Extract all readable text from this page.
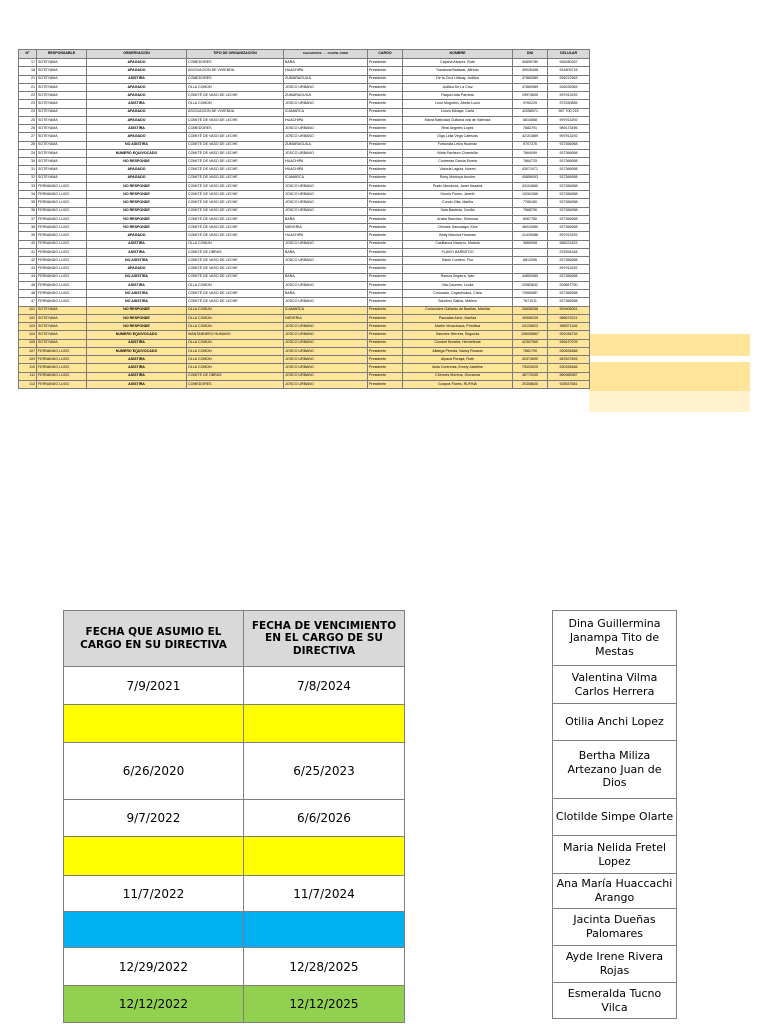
Nº	RESPONSABLE	OBSERVACIÓN	TIPO DE ORGANIZACIÓN	CHACHAPOYAS · ... · CUARTEL OTROS	CARGO	NOMBRE	DNI	CELULAR
17	SOTEYAMA	APAGADO	COMEDORES	BAÑA	Presidente	Capcha Alvarez, Ruth	40899780	936280287
18	SOTEYAMA	APAGADO	ASOCIACION DE VIVIENDA	HUACHIPA	Presidente	Sandoval Baltazar, Alfredo	40026498	931809718
21	SOTEYAMA	ASISTIRA	COMEDORES	ZUMARAGUILA	Presidente	De la Cruz Lillaray, Juditza	47860589	926212963
21	SOTEYAMA	APAGADO	OLLA COMÚN	JOSCO URBANO	Presidente	Juditza De La Cruz	47860589	926232963
22	SOTEYAMA	APAGADO	COMITÉ DE VASO DE LECHE	ZUMARAGUILA	Presidente	Raquel Ada Parrana	29974605	997913292
23	SOTEYAMA	ASISTIRA	OLLA COMÚN	JOSCO URBANO	Presidente	Leon Mogollón, Abelio Lucio	9760229	972330855
24	SOTEYAMA	APAGADO	ASOCIACION DE VIVIENDA	ICAMARCA	Presidente	Lonzo Minaya, Carla	42056571	967 700 215
25	SOTEYAMA	APAGADO	COMITÉ DE VASO DE LECHE	HUACHIPA	Presidente	María Natividad Guiliana vda de Valencia	6810068	997913292
26	SOTEYAMA	ASISTIRA	COMEDORES	JOSCO URBANO	Presidente	Real Angeles Lopez	7682791	989173496
27	SOTEYAMA	APAGADO	COMITÉ DE VASO DE LECHE	JOSCO URBANO	Presidente	Olga Lidia Vega Cabezas	42101889	997913292
28	SOTEYAMA	NO ASISTIRA	COMITÉ DE VASO DE LECHE	ZUMARAGUILA	Presidente	Fortunata Leiva Huaman	9707376	927366958
29	SOTEYAMA	NUMERO EQUIVOCADO	COMITÉ DE VASO DE LECHE	JOSCO URBANO	Presidente	Nilda Pacheco Chambilla	7664099	927366958
30	SOTEYAMA	NO RESPONDE	COMITÉ DE VASO DE LECHE	HUACHIPA	Presidente	Contreras Garcia Erzela	7664725	927366958
31	SOTEYAMA	APAGADO	COMITÉ DE VASO DE LECHE	HUACHIPA	Presidente	Victoria Laguia, Noemi	43071071	927366958
32	SOTEYAMA	APAGADO	COMITÉ DE VASO DE LECHE	ICAMARCA	Presidente	Rony Montoya Aroche	40856093	927366958
33	FERNANDO LUGO	NO RESPONDE	COMITÉ DE VASO DE LECHE	JOSCO URBANO	Presidente	Prado Mendoza, Janet Nazaria	43104660	927366958
34	FERNANDO LUGO	NO RESPONDE	COMITÉ DE VASO DE LECHE	JOSCO URBANO	Presidente	Osorio Flores, Janeth	10261066	927366958
35	FERNANDO LUGO	NO RESPONDE	COMITÉ DE VASO DE LECHE	JOSCO URBANO	Presidente	Condo Villa, Marilia	7786180	927366958
36	FERNANDO LUGO	NO RESPONDE	COMITÉ DE VASO DE LECHE	JOSCO URBANO	Presidente	Sala Bautista, Cecilia	7668706	927366958
37	FERNANDO LUGO	NO RESPONDE	COMITÉ DE VASO DE LECHE	BAÑA	Presidente	Araba Sanchez, Simeona	6967780	927366958
38	FERNANDO LUGO	NO RESPONDE	COMITÉ DE VASO DE LECHE	NIEVERIA	Presidente	Chinnes Sancalaya, Kimi	46010980	927366958
39	FERNANDO LUGO	APAGADO	COMITÉ DE VASO DE LECHE	HUACHIPA	Presidente	Betty Mancha Huaman	41429086	997913292
40	FERNANDO LUGO	ASISTIRA	OLLA COMÚN	JOSCO URBANO	Presidente	Casiflanca Navarro, Mariela	9865908	986221823
41	FERNANDO LUGO	ASISTIRA	COMITÉ DE OBRAS	BAÑA	Presidente	FLAVIO BARBITOO		975394184
42	FERNANDO LUGO	NO ASISTIRA	COMITÉ DE VASO DE LECHE	JOSCO URBANO	Presidente	Salon Cordero, Flor	6812096	927366958
43	FERNANDO LUGO	APAGADO	COMITÉ DE VASO DE LECHE		Presidente			997913292
44	FERNANDO LUGO	NO ASISTIRA	COMITÉ DE VASO DE LECHE	BAÑA	Presidente	Ramos Zegarra, Ivan	40850085	927366958
45	FERNANDO LUGO	ASISTIRA	OLLA COMÚN	JOSCO URBANO	Presidente	Vila Caceres, Lucila	20583632	929657700
46	FERNANDO LUGO	NO ASISTIRA	COMITÉ DE VASO DE LECHE	BAÑA	Presidente	Coronado, Coyachuana, Clara	70960687	927366958
47	FERNANDO LUGO	NO ASISTIRA	COMITÉ DE VASO DE LECHE	JOSCO URBANO	Presidente	Sanchez Salina, Marleni	7671011	927366958
101	SOTEYAMA	NO RESPONDE	OLLA COMÚN	ICAMARCA	Presidente	Curisonche Gallardo de Bastías, Marilda	20608268	953905051
102	SOTEYAMA	NO RESPONDE	OLLA COMÚN	NIEVERIA	Presidente	Paccatas Alme, Maritza	40506239	966579221
103	SOTEYAMA	NO RESPONDE	OLLA COMÚN	JOSCO URBANO	Presidente	Martín Vevacincua, Primitiva	43139823	985571106
104	SOTEYAMA	NUMERO EQUIVOCADO	WANTANNERO HUMANO	JOSCO URBANO	Presidente	Sanchez Herrera, Segunda	106008567	991036739
105	SOTEYAMA	ASISTIRA	OLLA COMÚN	JOSCO URBANO	Presidente	Condori Bonella, Hermelinda	42357960	926470709
107	FERNANDO LUGO	NUMERO EQUIVOCADO	OLLA COMÚN	JOSCO URBANO	Presidente	Alfaega Pereda, Nancy Rosario	7681799	920834568
109	FERNANDO LUGO	ASISTIRA	OLLA COMÚN	JOSCO URBANO	Presidente	Alpaca Poraya, Ruth	40374690	987627893
110	FERNANDO LUGO	ASISTIRA	OLLA COMÚN	JOSCO URBANO	Presidente	Avila Contreras, Emely Jadeline	75303025	930335466
111	FERNANDO LUGO	ASISTIRA	COMITÉ DE OBRAS	JOSCO URBANO	Presidente	Chenves Morena, Giovanna	46770035	960965987
113	FERNANDO LUGO	ASISTIRA	COMEDORES	JOSCO URBANO	Presidente	Guapos Flores, RUFINA	20308630	925537681
FECHA QUE ASUMIO EL CARGO EN SU DIRECTIVA	FECHA DE VENCIMIENTO EN EL CARGO DE SU DIRECTIVA
7/9/2021	7/8/2024

6/26/2020	6/25/2023
9/7/2022	6/6/2026

11/7/2022	11/7/2024

12/29/2022	12/28/2025
12/12/2022	12/12/2025
Dina Guillermina Janampa Tito de Mestas
Valentina Vilma Carlos Herrera
Otilia Anchi Lopez
Bertha Miliza Artezano Juan de Dios
Clotilde Simpe Olarte
Maria Nelida Fretel Lopez
Ana María Huaccachi Arango
Jacinta Dueñas Palomares
Ayde Irene Rivera Rojas
Esmeralda Tucno Vilca
